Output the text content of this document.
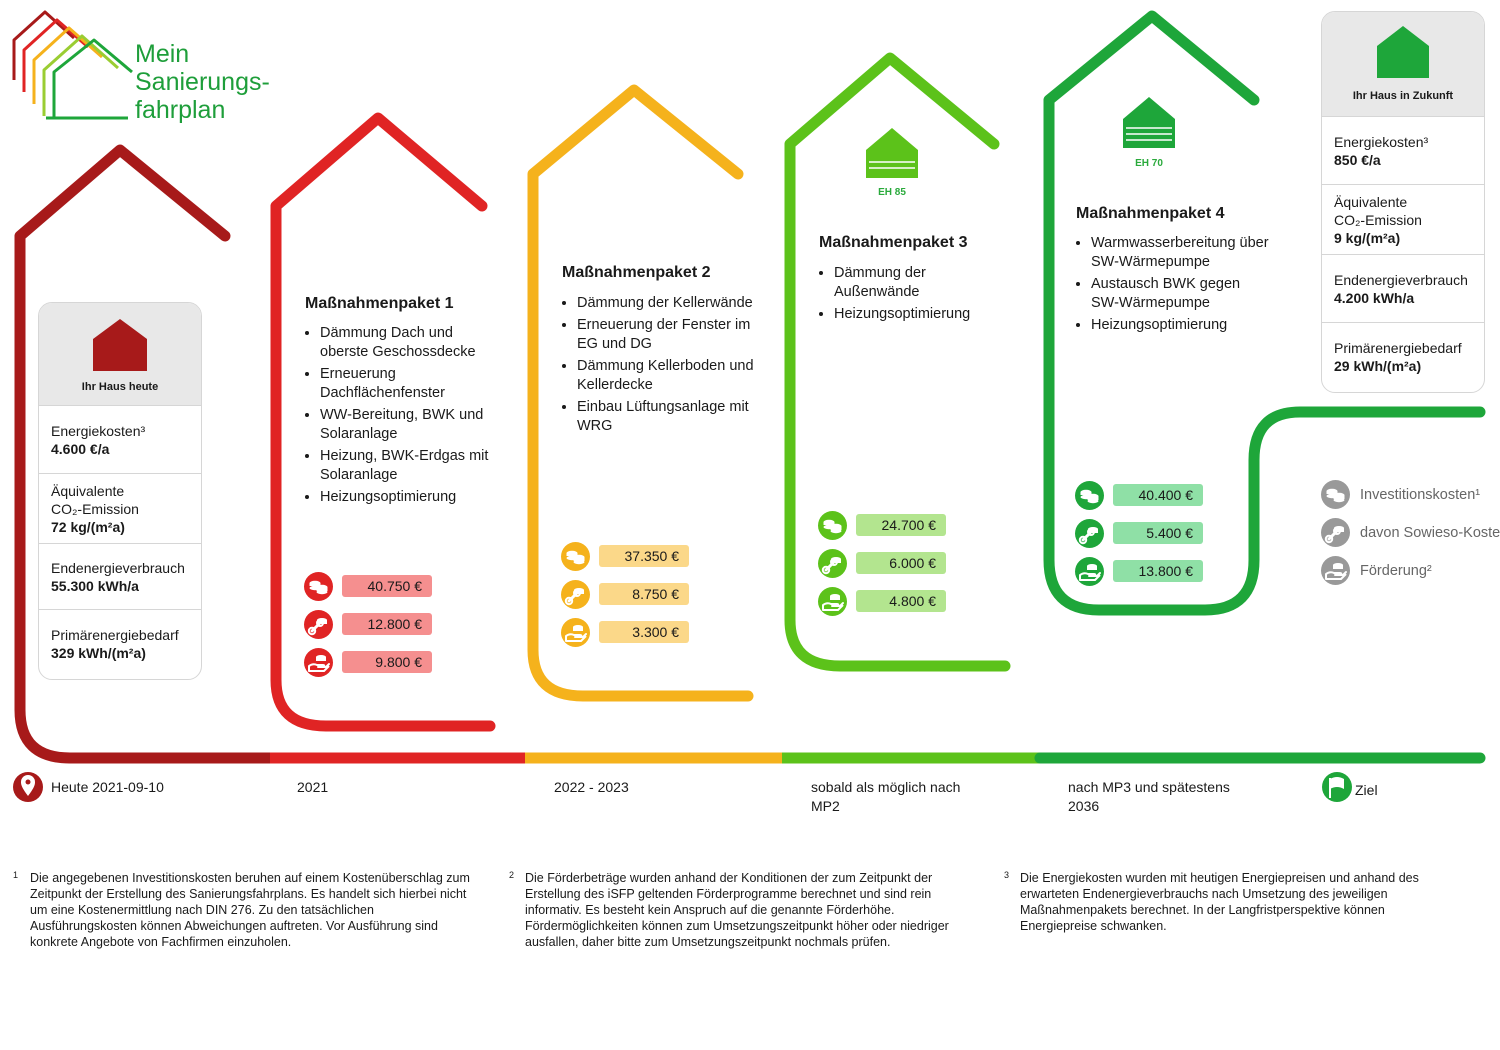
Mein
Sanierungs-
fahrplan
Ihr Haus heute
Energiekosten³
4.600 €/a
Äquivalente
CO₂-Emission
72 kg/(m²a)
Endenergieverbrauch
55.300 kWh/a
Primärenergiebedarf
329 kWh/(m²a)
Ihr Haus in Zukunft
Energiekosten³
850 €/a
Äquivalente
CO₂-Emission
9 kg/(m²a)
Endenergieverbrauch
4.200 kWh/a
Primärenergiebedarf
29 kWh/(m²a)
EH 85
EH 70
Maßnahmenpaket 1
• Dämmung Dach und oberste Geschossdecke
• Erneuerung Dachflächenfenster
• WW-Bereitung, BWK und Solaranlage
• Heizung, BWK-Erdgas mit Solaranlage
• Heizungsoptimierung
40.750 €
12.800 €
9.800 €
Maßnahmenpaket 2
• Dämmung der Kellerwände
• Erneuerung der Fenster im EG und DG
• Dämmung Kellerboden und Kellerdecke
• Einbau Lüftungsanlage mit WRG
37.350 €
8.750 €
3.300 €
Maßnahmenpaket 3
• Dämmung der Außenwände
• Heizungsoptimierung
24.700 €
6.000 €
4.800 €
Maßnahmenpaket 4
• Warmwasserbereitung über SW-Wärmepumpe
• Austausch BWK gegen SW-Wärmepumpe
• Heizungsoptimierung
40.400 €
5.400 €
13.800 €
Investitionskosten¹
davon Sowieso-Koste
Förderung²
Heute 2021-09-10	2021	2022 - 2023	sobald als möglich nach MP2
nach MP3 und spätestens 2036
Ziel
1 Die angegebenen Investitionskosten beruhen auf einem Kostenüberschlag zum Zeitpunkt der Erstellung des Sanierungsfahrplans. Es handelt sich hierbei nicht um eine Kostenermittlung nach DIN 276. Zu den tatsächlichen Ausführungskosten können Abweichungen auftreten. Vor Ausführung sind konkrete Angebote von Fachfirmen einzuholen.
2 Die Förderbeträge wurden anhand der Konditionen der zum Zeitpunkt der Erstellung des iSFP geltenden Förderprogramme berechnet und sind rein informativ. Es besteht kein Anspruch auf die genannte Förderhöhe. Fördermöglichkeiten können zum Umsetzungszeitpunkt höher oder niedriger ausfallen, daher bitte zum Umsetzungszeitpunkt nochmals prüfen.
3 Die Energiekosten wurden mit heutigen Energiepreisen und anhand des erwarteten Endenergieverbrauchs nach Umsetzung des jeweiligen Maßnahmenpakets berechnet. In der Langfristperspektive können Energiepreise schwanken.
